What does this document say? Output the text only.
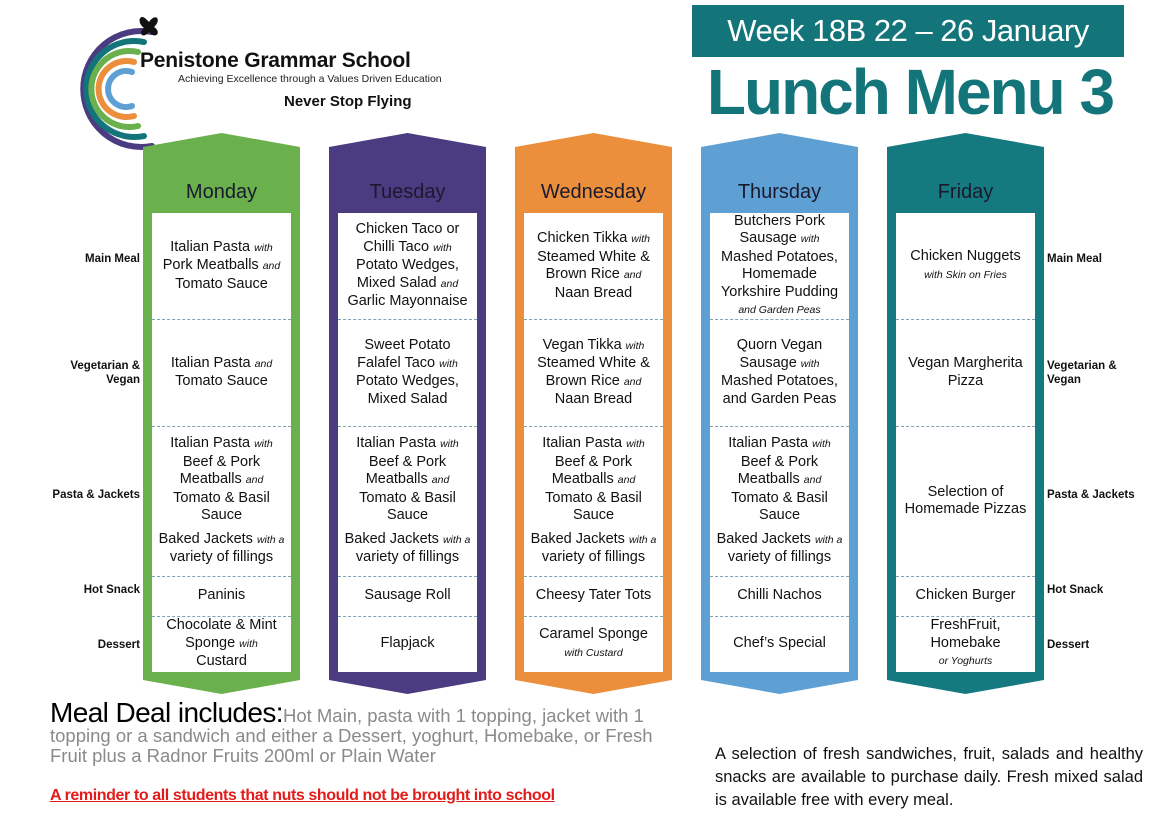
Penistone Grammar School
Achieving Excellence through a Values Driven Education
Never Stop Flying
Week 18B 22 – 26 January
Lunch Menu 3
Main Meal
Vegetarian & Vegan
Pasta & Jackets
Hot Snack
Dessert
Main Meal
Vegetarian & Vegan
Pasta & Jackets
Hot Snack
Dessert
Monday

Italian Pasta with

Pork Meatballs and

Tomato Sauce

Italian Pasta and

Tomato Sauce

Italian Pasta with

Beef & Pork

Meatballs and

Tomato & Basil

Sauce

Baked Jackets with a

variety of fillings

Paninis

Chocolate & Mint

Sponge with

Custard

Tuesday

Chicken Taco or

Chilli Taco with

Potato Wedges,

Mixed Salad and

Garlic Mayonnaise

Sweet Potato

Falafel Taco with

Potato Wedges,

Mixed Salad

Italian Pasta with

Beef & Pork

Meatballs and

Tomato & Basil

Sauce

Baked Jackets with a

variety of fillings

Sausage Roll

Flapjack

Wednesday

Chicken Tikka with

Steamed White &

Brown Rice and

Naan Bread

Vegan Tikka with

Steamed White &

Brown Rice and

Naan Bread

Italian Pasta with

Beef & Pork

Meatballs and

Tomato & Basil

Sauce

Baked Jackets with a

variety of fillings

Cheesy Tater Tots

Caramel Sponge

with Custard

Thursday

Butchers Pork

Sausage with

Mashed Potatoes,

Homemade

Yorkshire Pudding

and Garden Peas

Quorn Vegan

Sausage with

Mashed Potatoes,

and Garden Peas

Italian Pasta with

Beef & Pork

Meatballs and

Tomato & Basil

Sauce

Baked Jackets with a

variety of fillings

Chilli Nachos

Chef’s Special

Friday

Chicken Nuggets

with Skin on Fries

Vegan Margherita

Pizza

Selection of

Homemade Pizzas

Chicken Burger

FreshFruit,

Homebake

or Yoghurts

Meal Deal includes:Hot Main, pasta with 1 topping, jacket with 1 topping or a sandwich and either a Dessert, yoghurt, Homebake, or Fresh Fruit plus a Radnor Fruits 200ml or Plain Water
A reminder to all students that nuts should not be brought into school
A selection of fresh sandwiches, fruit, salads and healthy snacks are available to purchase daily. Fresh mixed salad is available free with every meal.
